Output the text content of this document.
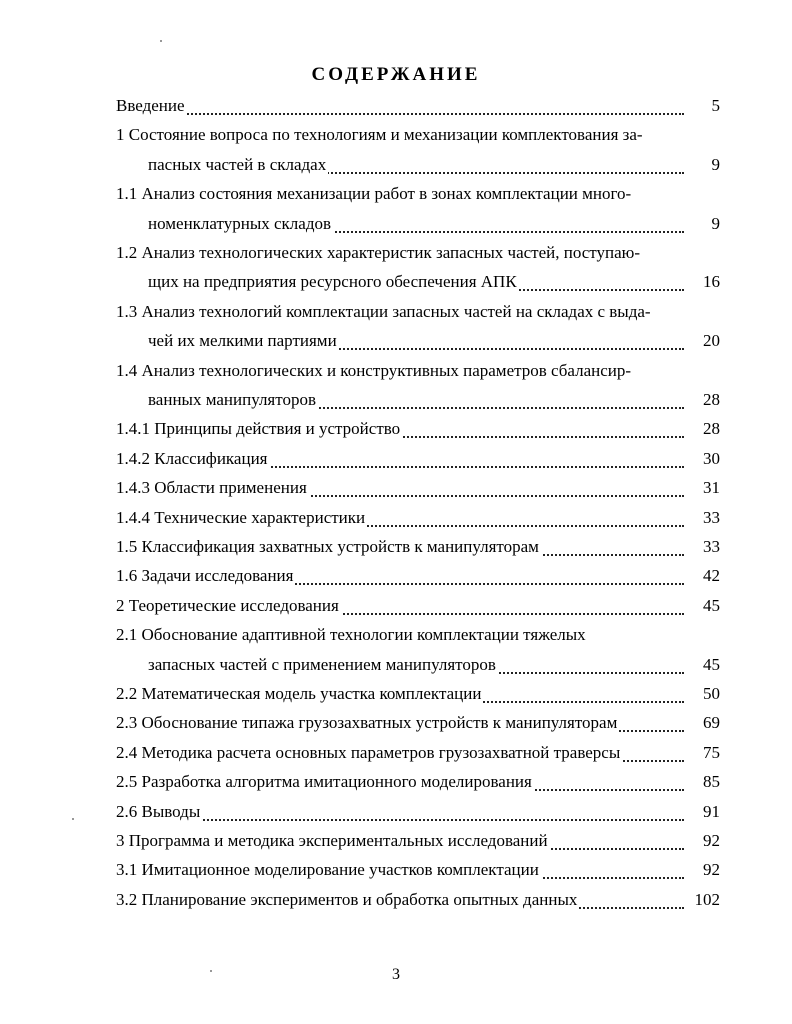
СОДЕРЖАНИЕ
Введение	5
1 Состояние вопроса по технологиям и механизации комплектования за-
пасных частей в складах	9
1.1 Анализ состояния механизации работ в зонах комплектации много-
номенклатурных складов	9
1.2 Анализ технологических характеристик запасных частей, поступаю-
щих на предприятия ресурсного обеспечения АПК	16
1.3 Анализ технологий комплектации запасных частей на складах с выда-
чей их мелкими партиями	20
1.4 Анализ технологических и конструктивных параметров сбалансир-
ванных манипуляторов	28
1.4.1 Принципы действия и устройство	28
1.4.2 Классификация	30
1.4.3 Области применения	31
1.4.4 Технические характеристики	33
1.5 Классификация захватных устройств к манипуляторам	33
1.6 Задачи исследования	42
2 Теоретические исследования	45
2.1 Обоснование адаптивной технологии комплектации тяжелых
запасных частей с применением манипуляторов	45
2.2 Математическая модель участка комплектации	50
2.3 Обоснование типажа грузозахватных устройств к манипуляторам	69
2.4 Методика расчета основных параметров грузозахватной траверсы	75
2.5 Разработка алгоритма имитационного моделирования	85
2.6 Выводы	91
3 Программа и методика экспериментальных исследований	92
3.1 Имитационное моделирование участков комплектации	92
3.2 Планирование экспериментов и обработка опытных данных	102
3
